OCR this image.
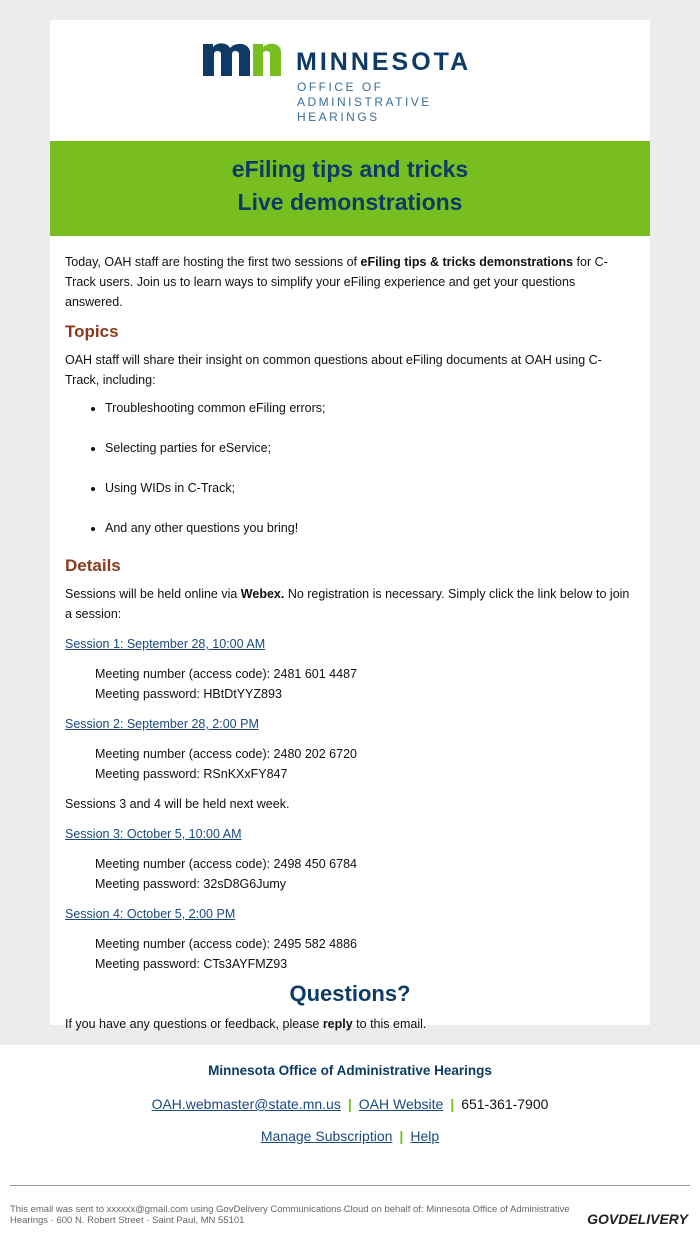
MINNESOTA
OFFICE OF
ADMINISTRATIVE
HEARINGS
eFiling tips and tricks
Live demonstrations

Today, OAH staff are hosting the first two sessions of eFiling tips & tricks demonstrations for C-Track users. Join us to learn ways to simplify your eFiling experience and get your questions answered.

Topics

OAH staff will share their insight on common questions about eFiling documents at OAH using C-Track, including:

• Troubleshooting common eFiling errors;
• Selecting parties for eService;
• Using WIDs in C-Track;
• And any other questions you bring!
Details

Sessions will be held online via Webex. No registration is necessary. Simply click the link below to join a session:

Session 1: September 28, 10:00 AM
Meeting number (access code): 2481 601 4487
Meeting password: HBtDtYYZ893
Session 2: September 28, 2:00 PM
Meeting number (access code): 2480 202 6720
Meeting password: RSnKXxFY847

Sessions 3 and 4 will be held next week.

Session 3: October 5, 10:00 AM
Meeting number (access code): 2498 450 6784
Meeting password: 32sD8G6Jumy
Session 4: October 5, 2:00 PM
Meeting number (access code): 2495 582 4886
Meeting password: CTs3AYFMZ93
Questions?

If you have any questions or feedback, please reply to this email.

Minnesota Office of Administrative Hearings
OAH.webmaster@state.mn.us | OAH Website | 651-361-7900
Manage Subscription | Help
This email was sent to xxxxxx@gmail.com using GovDelivery Communications Cloud on behalf of: Minnesota Office of Administrative Hearings · 600 N. Robert Street · Saint Paul, MN 55101	GOVDELIVERY
